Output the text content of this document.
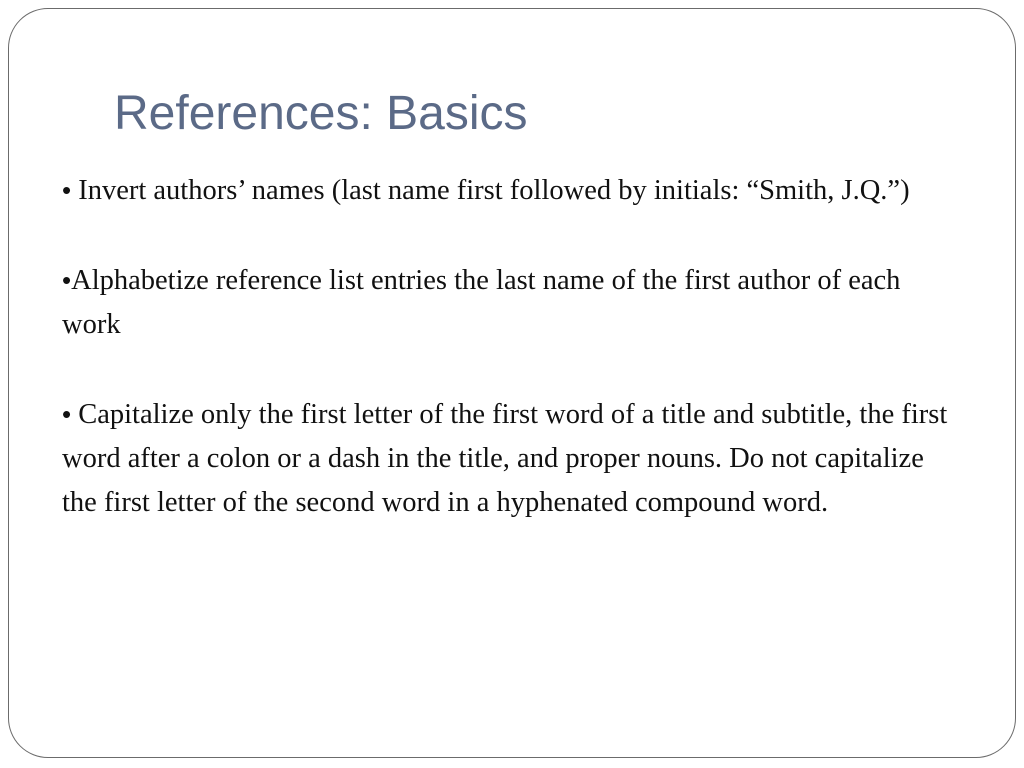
References: Basics

• Invert authors’ names (last name first followed by initials: “Smith, J.Q.”)

•Alphabetize reference list entries the last name of the first author of each work

• Capitalize only the first letter of the first word of a title and subtitle, the first word after a colon or a dash in the title, and proper nouns. Do not capitalize the first letter of the second word in a hyphenated compound word.
